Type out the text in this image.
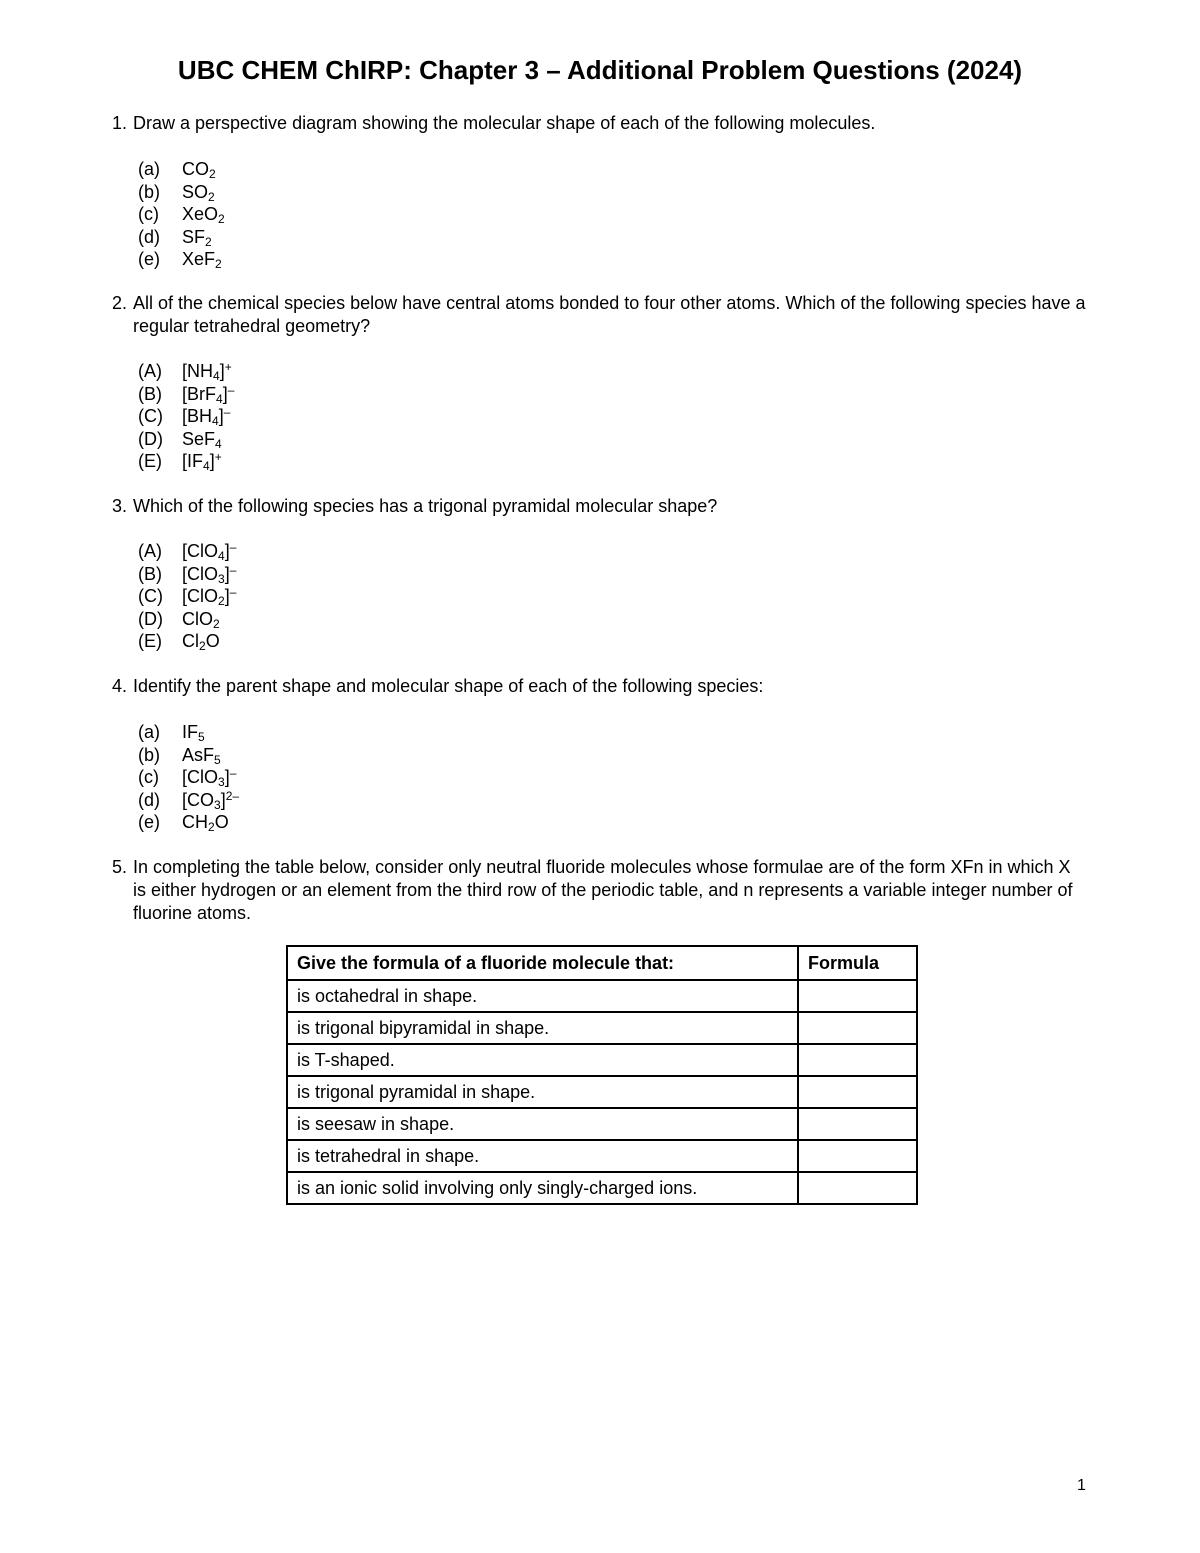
UBC CHEM ChIRP: Chapter 3 – Additional Problem Questions (2024)
1. Draw a perspective diagram showing the molecular shape of each of the following molecules.
(a)	$CO_2$
(b)	$SO_2$
(c)	XeO$_2$
(d)	$SF_2$
(e)	XeF$_2$
2. All of the chemical species below have central atoms bonded to four other atoms. Which of the following species have a regular tetrahedral geometry?
(A)	$[NH_4]^+$
(B)	[BrF$_4$]–
(C)	$[BH_4]^-$
(D)	SeF$_4$
(E)	$[IF_4]^+$
3. Which of the following species has a trigonal pyramidal molecular shape?
(A)	[ClO$_4$]–
(B)	[ClO$_3$]–
(C)	[ClO$_2$]–
(D)	ClO$_2$
(E)	$Cl_2O$
4. Identify the parent shape and molecular shape of each of the following species:
(a)	$IF_5$
(b)	AsF$_5$
(c)	[ClO$_3$]–
(d)	$[CO_3]^{2-}$
(e)	$CH_2O$
5. In completing the table below, consider only neutral fluoride molecules whose formulae are of the form XFn in which X is either hydrogen or an element from the third row of the periodic table, and n represents a variable integer number of fluorine atoms.
Give the formula of a fluoride molecule that:	Formula
is octahedral in shape.	
is trigonal bipyramidal in shape.	
is T-shaped.	
is trigonal pyramidal in shape.	
is seesaw in shape.	
is tetrahedral in shape.	
is an ionic solid involving only singly-charged ions.	
1
